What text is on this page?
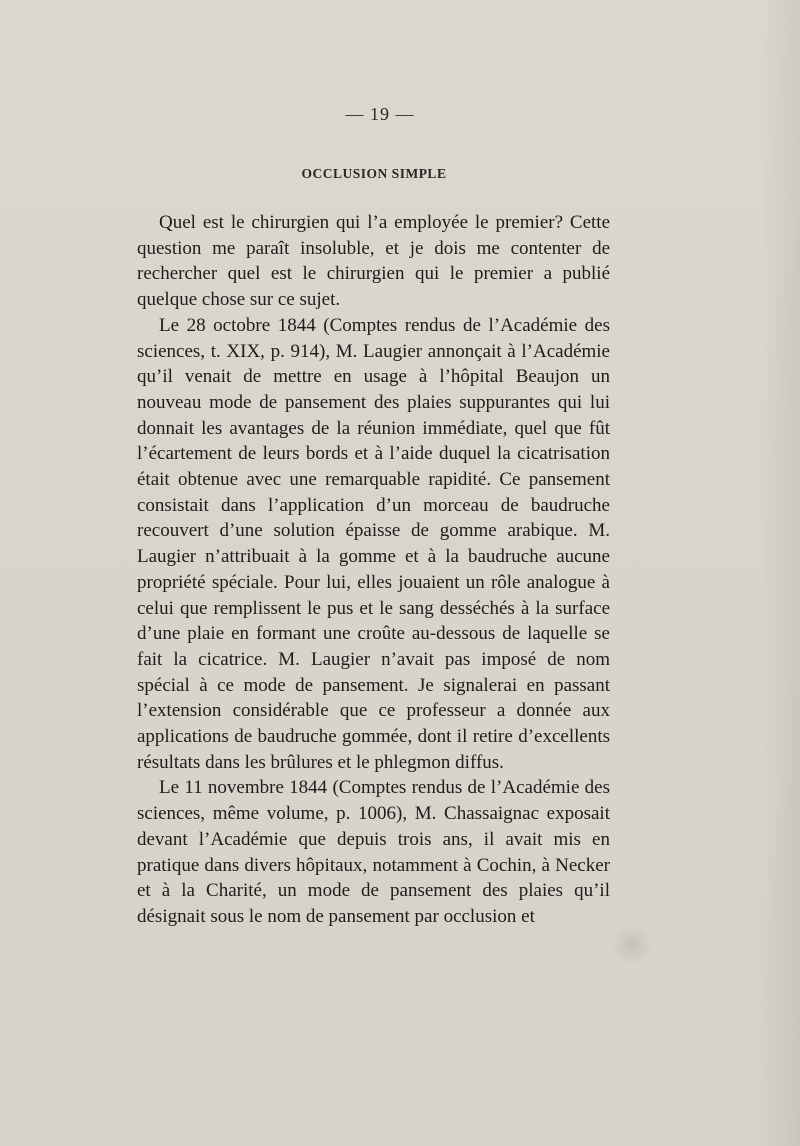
— 19 —
OCCLUSION SIMPLE

Quel est le chirurgien qui l’a employée le premier? Cette question me paraît insoluble, et je dois me contenter de rechercher quel est le chirurgien qui le premier a publié quelque chose sur ce sujet.

Le 28 octobre 1844 (Comptes rendus de l’Académie des sciences, t. XIX, p. 914), M. Laugier annonçait à l’Académie qu’il venait de mettre en usage à l’hôpital Beaujon un nouveau mode de pansement des plaies suppurantes qui lui donnait les avantages de la réunion immédiate, quel que fût l’écartement de leurs bords et à l’aide duquel la cicatrisation était obtenue avec une remarquable rapidité. Ce pansement consistait dans l’application d’un morceau de baudruche recouvert d’une solution épaisse de gomme arabique. M. Laugier n’attribuait à la gomme et à la baudruche aucune propriété spéciale. Pour lui, elles jouaient un rôle analogue à celui que remplissent le pus et le sang desséchés à la surface d’une plaie en formant une croûte au-dessous de laquelle se fait la cicatrice. M. Laugier n’avait pas imposé de nom spécial à ce mode de pansement. Je signalerai en passant l’extension considérable que ce professeur a donnée aux applications de baudruche gommée, dont il retire d’excellents résultats dans les brûlures et le phlegmon diffus.

Le 11 novembre 1844 (Comptes rendus de l’Académie des sciences, même volume, p. 1006), M. Chassaignac exposait devant l’Académie que depuis trois ans, il avait mis en pratique dans divers hôpitaux, notamment à Cochin, à Necker et à la Charité, un mode de pansement des plaies qu’il désignait sous le nom de pansement par occlusion et
